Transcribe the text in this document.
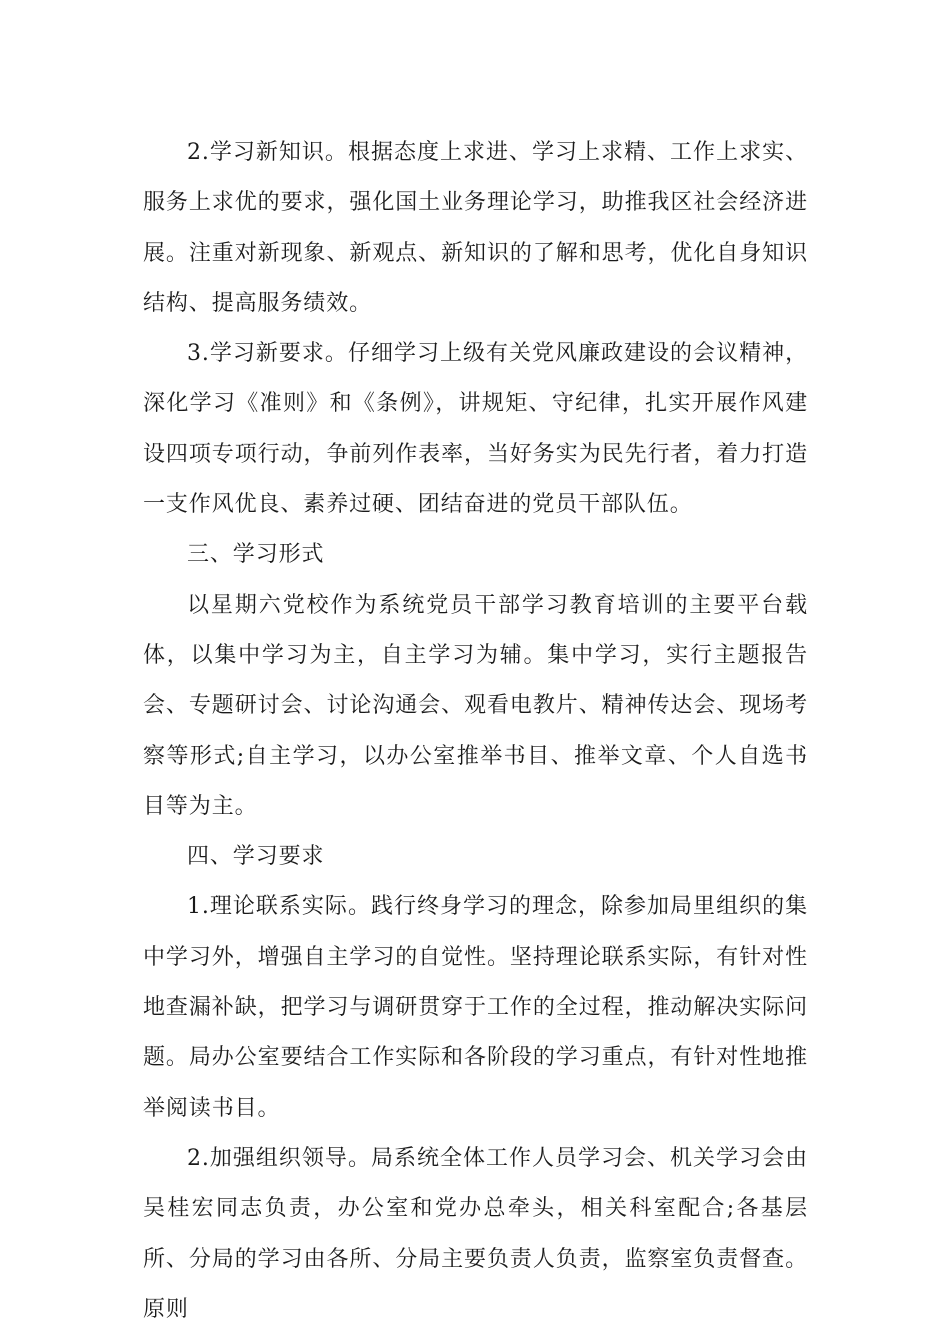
2.学习新知识。根据态度上求进、学习上求精、工作上求实、服务上求优的要求，强化国土业务理论学习，助推我区社会经济进展。注重对新现象、新观点、新知识的了解和思考，优化自身知识结构、提高服务绩效。

3.学习新要求。仔细学习上级有关党风廉政建设的会议精神，深化学习《准则》和《条例》，讲规矩、守纪律，扎实开展作风建设四项专项行动，争前列作表率，当好务实为民先行者，着力打造一支作风优良、素养过硬、团结奋进的党员干部队伍。

三、学习形式

以星期六党校作为系统党员干部学习教育培训的主要平台载体，以集中学习为主，自主学习为辅。集中学习，实行主题报告会、专题研讨会、讨论沟通会、观看电教片、精神传达会、现场考察等形式;自主学习，以办公室推举书目、推举文章、个人自选书目等为主。

四、学习要求

1.理论联系实际。践行终身学习的理念，除参加局里组织的集中学习外，增强自主学习的自觉性。坚持理论联系实际，有针对性地查漏补缺，把学习与调研贯穿于工作的全过程，推动解决实际问题。局办公室要结合工作实际和各阶段的学习重点，有针对性地推举阅读书目。

2.加强组织领导。局系统全体工作人员学习会、机关学习会由吴桂宏同志负责，办公室和党办总牵头，相关科室配合;各基层所、分局的学习由各所、分局主要负责人负责，监察室负责督查。原则
